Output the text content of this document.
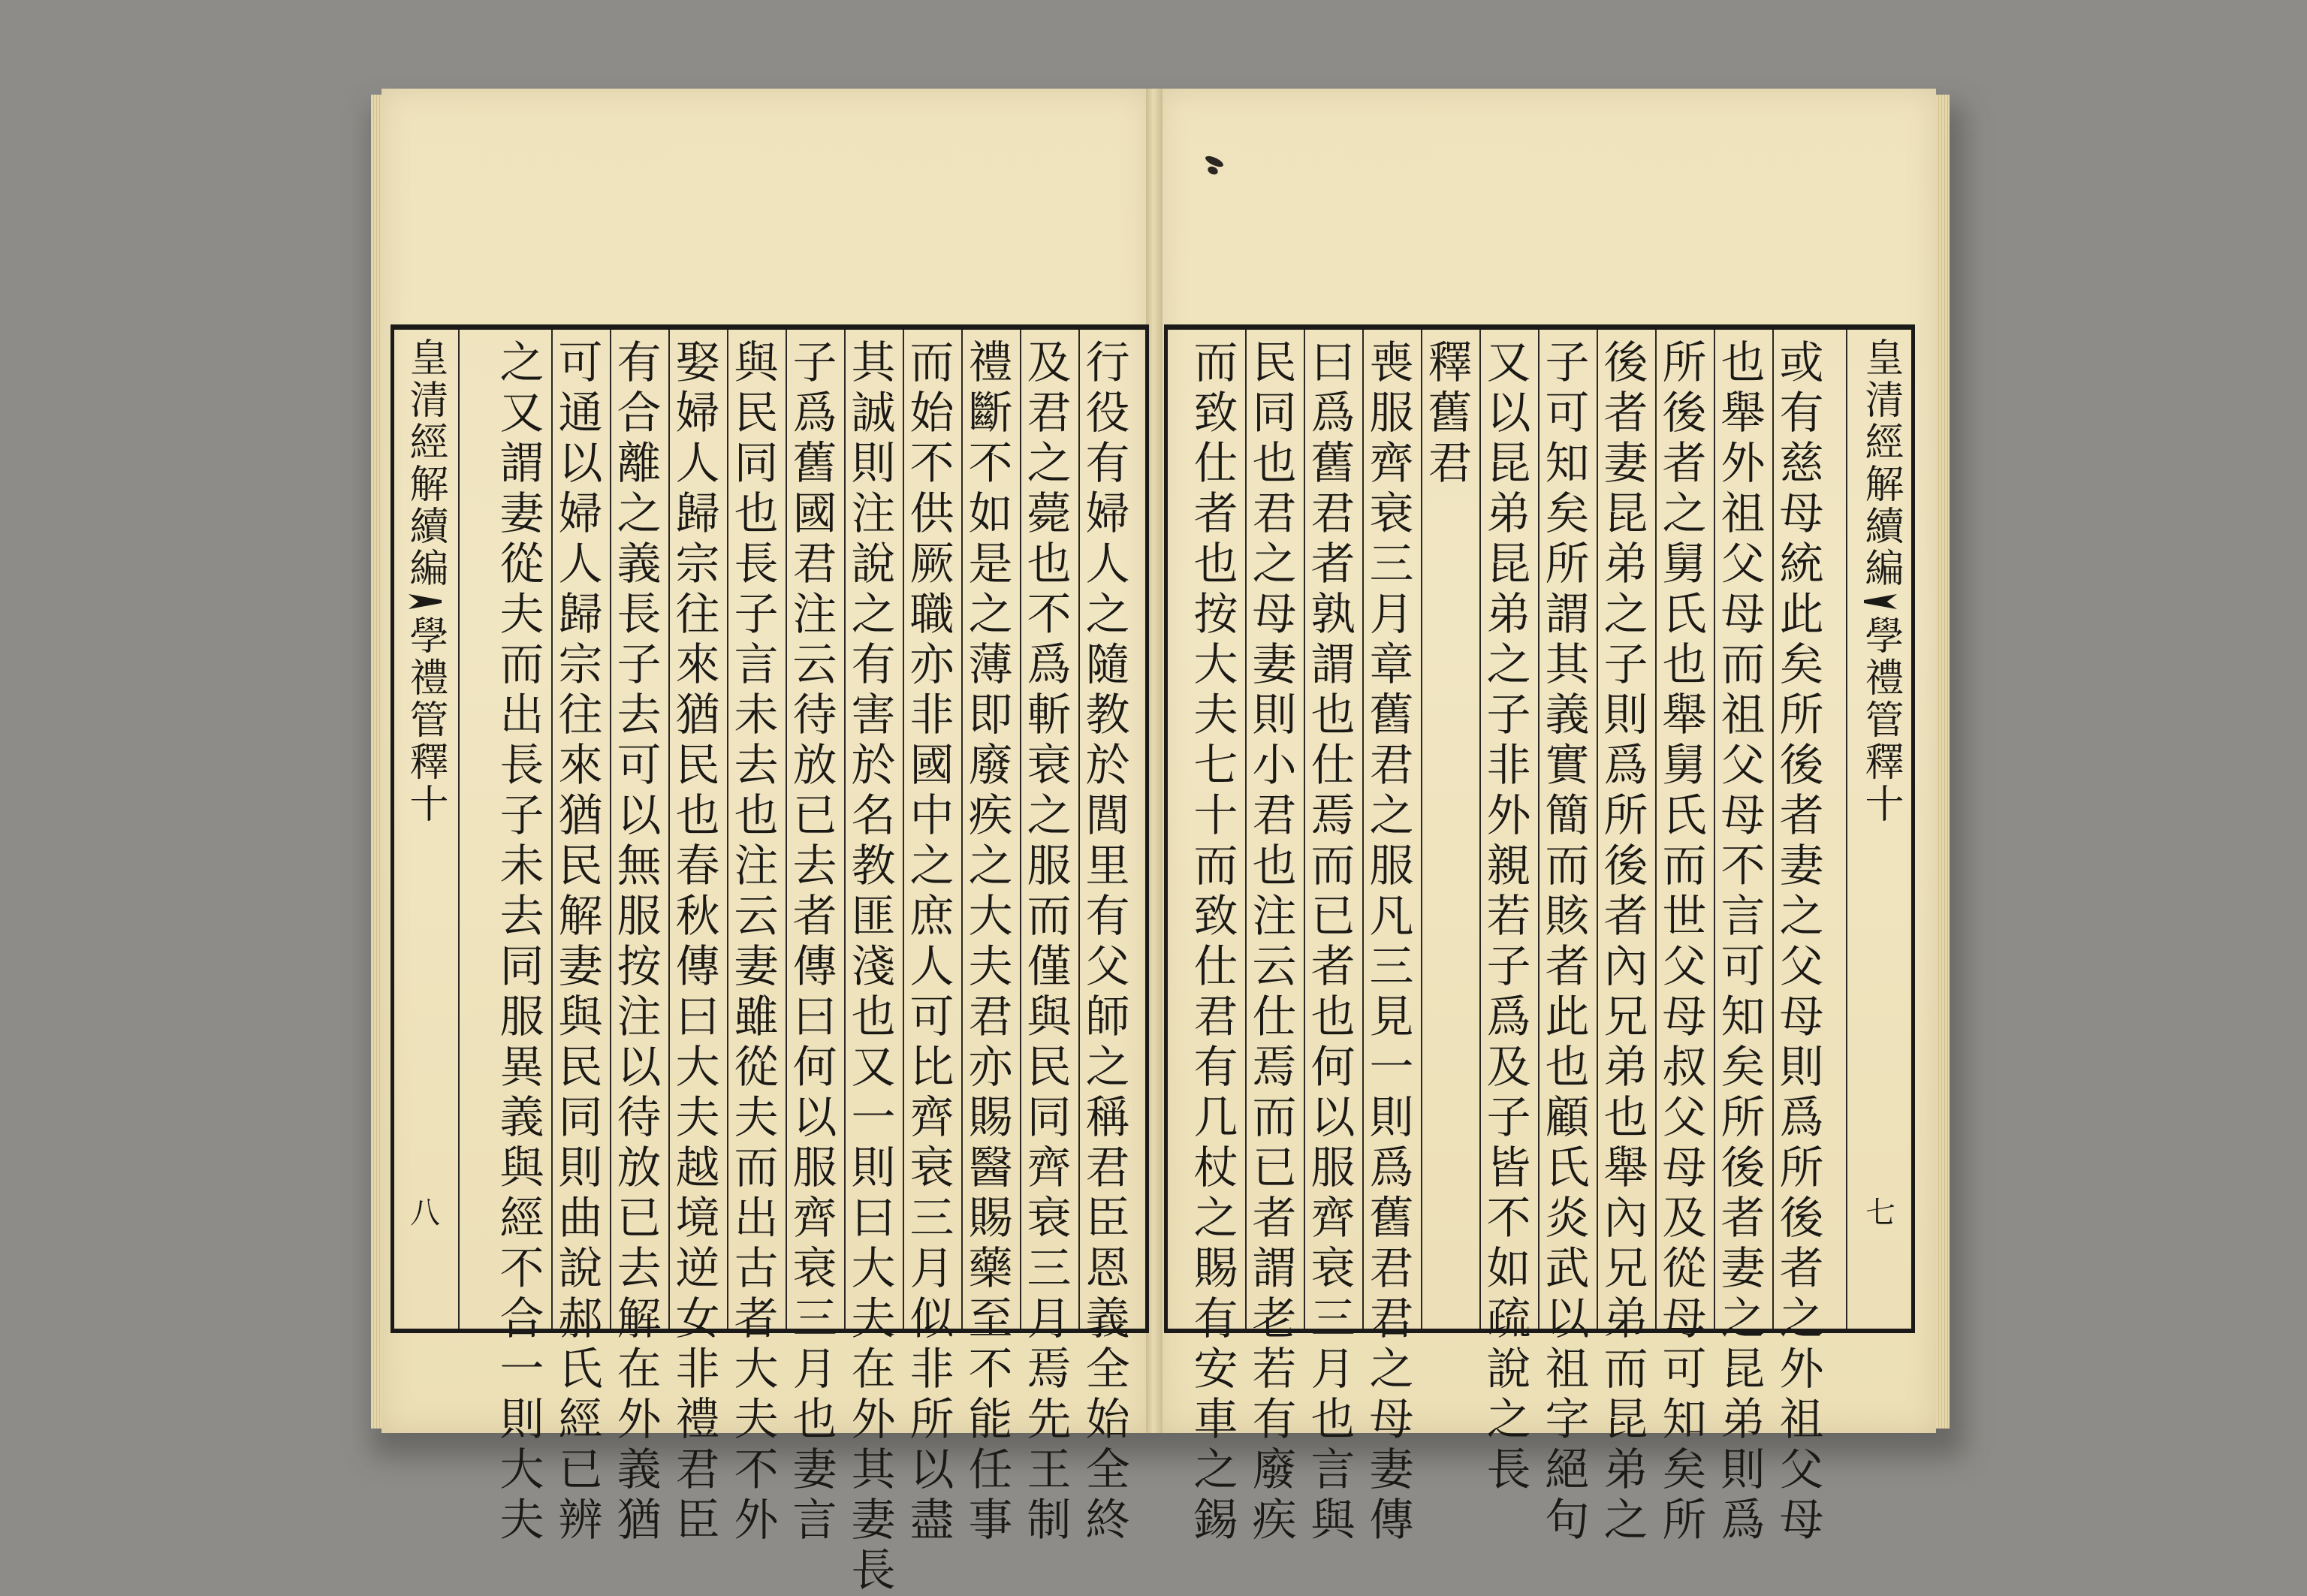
皇清經解續編
學禮管釋十
八
行
役
有
婦
人
之
隨
教
於
閭
里
有
父
師
之
稱
君
臣
恩
義
全
始
全
終
及
君
之
薨
也
不
爲
斬
衰
之
服
而
僅
與
民
同
齊
衰
三
月
焉
先
王
制
禮
斷
不
如
是
之
薄
即
廢
疾
之
大
夫
君
亦
賜
醫
賜
藥
至
不
能
任
事
而
始
不
供
厥
職
亦
非
國
中
之
庶
人
可
比
齊
衰
三
月
似
非
所
以
盡
其
誠
則
注
說
之
有
害
於
名
教
匪
淺
也
又
一
則
曰
大
夫
在
外
其
妻
長
子
爲
舊
國
君
注
云
待
放
已
去
者
傳
曰
何
以
服
齊
衰
三
月
也
妻
言
與
民
同
也
長
子
言
未
去
也
注
云
妻
雖
從
夫
而
出
古
者
大
夫
不
外
娶
婦
人
歸
宗
往
來
猶
民
也
春
秋
傳
曰
大
夫
越
境
逆
女
非
禮
君
臣
有
合
離
之
義
長
子
去
可
以
無
服
按
注
以
待
放
已
去
解
在
外
義
猶
可
通
以
婦
人
歸
宗
往
來
猶
民
解
妻
與
民
同
則
曲
說
郝
氏
經
已
辨
之
又
謂
妻
從
夫
而
出
長
子
未
去
同
服
異
義
與
經
不
合
一
則
大
夫
皇清經解續編
學禮管釋十
七
或
有
慈
母
統
此
矣
所
後
者
妻
之
父
母
則
爲
所
後
者
之
外
祖
父
母
也
舉
外
祖
父
母
而
祖
父
母
不
言
可
知
矣
所
後
者
妻
之
昆
弟
則
爲
所
後
者
之
舅
氏
也
舉
舅
氏
而
世
父
母
叔
父
母
及
從
母
可
知
矣
所
後
者
妻
昆
弟
之
子
則
爲
所
後
者
內
兄
弟
也
舉
內
兄
弟
而
昆
弟
之
子
可
知
矣
所
謂
其
義
實
簡
而
賅
者
此
也
顧
氏
炎
武
以
祖
字
絕
句
又
以
昆
弟
昆
弟
之
子
非
外
親
若
子
爲
及
子
皆
不
如
疏
說
之
長
釋
舊
君
喪
服
齊
衰
三
月
章
舊
君
之
服
凡
三
見
一
則
爲
舊
君
君
之
母
妻
傳
曰
爲
舊
君
者
孰
謂
也
仕
焉
而
已
者
也
何
以
服
齊
衰
三
月
也
言
與
民
同
也
君
之
母
妻
則
小
君
也
注
云
仕
焉
而
已
者
謂
老
若
有
廢
疾
而
致
仕
者
也
按
大
夫
七
十
而
致
仕
君
有
几
杖
之
賜
有
安
車
之
錫
